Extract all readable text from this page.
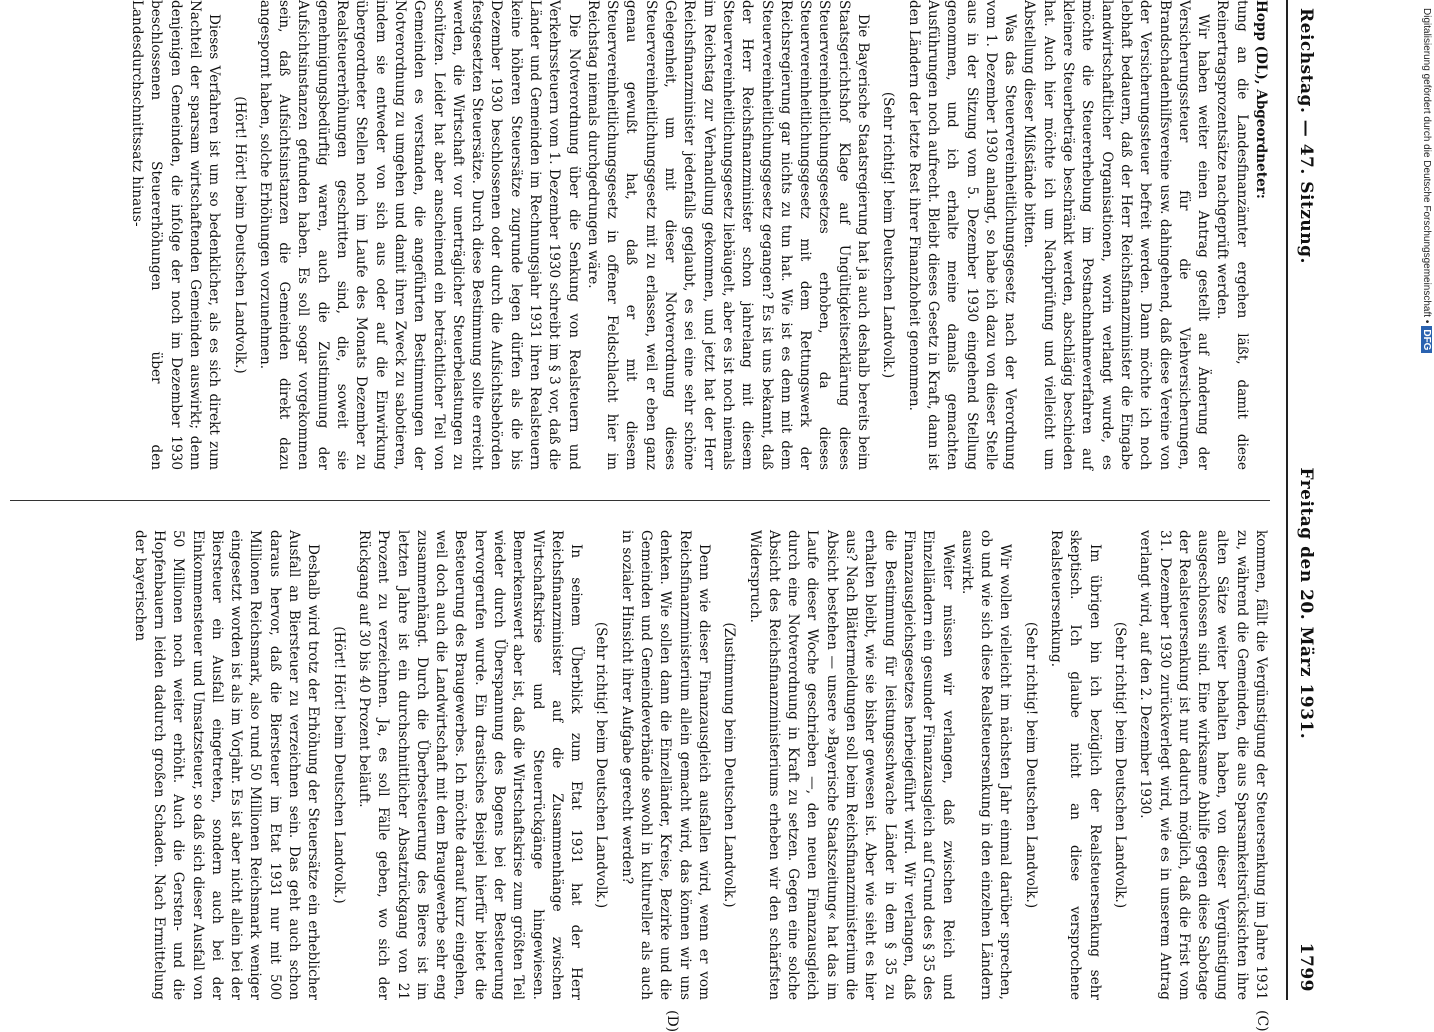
Reichstag. — 47. Sitzung.
Freitag den 20. März 1931.
1799

Hopp (DL), Abgeordneter:

tung an die Landesfinanzämter ergehen läßt, damit diese Reinertragsprozentsätze nachgeprüft werden.

Wir haben weiter einen Antrag gestellt auf Änderung der Versicherungssteuer für die Viehversicherungen, Brandschadenhilfsvereine usw. dahingehend, daß diese Vereine von der Versicherungssteuer befreit werden. Dann möchte ich noch lebhaft bedauern, daß der Herr Reichsfinanzminister die Eingabe landwirtschaftlicher Organisationen, worin verlangt wurde, es möchte die Steuererhebung im Postnachnahmeverfahren auf kleinere Steuerbeträge beschränkt werden, abschlägig beschieden hat. Auch hier möchte ich um Nachprüfung und vielleicht um Abstellung dieser Mißstände bitten.

Was das Steuervereinheitlichungsgesetz nach der Verordnung vom 1. Dezember 1930 anlangt, so habe ich dazu von dieser Stelle aus in der Sitzung vom 5. Dezember 1930 eingehend Stellung genommen, und ich erhalte meine damals gemachten Ausführungen noch aufrecht. Bleibt dieses Gesetz in Kraft, dann ist den Ländern der letzte Rest ihrer Finanzhoheit genommen.

(Sehr richtig! beim Deutschen Landvolk.)

Die Bayerische Staatsregierung hat ja auch deshalb bereits beim Staatsgerichtshof Klage auf Ungültigkeitserklärung dieses Steuervereinheitlichungsgesetzes erhoben, da dieses Steuervereinheitlichungsgesetz mit dem Rettungswerk der Reichsregierung gar nichts zu tun hat. Wie ist es denn mit dem Steuervereinheitlichungsgesetz gegangen? Es ist uns bekannt, daß der Herr Reichsfinanzminister schon jahrelang mit diesem Steuervereinheitlichungsgesetz liebäugelt, aber es ist noch niemals im Reichstag zur Verhandlung gekommen, und jetzt hat der Herr Reichsfinanzminister jedenfalls geglaubt, es sei eine sehr schöne Gelegenheit, um mit dieser Notverordnung dieses Steuervereinheitlichungsgesetz mit zu erlassen, weil er eben ganz genau gewußt hat, daß er mit diesem Steuervereinheitlichungsgesetz in offener Feldschlacht hier im Reichstag niemals durchgedrungen wäre.

Die Notverordnung über die Senkung von Realsteuern und Verkehrssteuern vom 1. Dezember 1930 schreibt im § 3 vor, daß die Länder und Gemeinden im Rechnungsjahr 1931 ihren Realsteuern keine höheren Steuersätze zugrunde legen dürfen als die bis Dezember 1930 beschlossenen oder durch die Aufsichtsbehörden festgesetzten Steuersätze. Durch diese Bestimmung sollte erreicht werden, die Wirtschaft vor unerträglicher Steuerbelastungen zu schützen. Leider hat aber anscheinend ein beträchtlicher Teil von Gemeinden es verstanden, die angeführten Bestimmungen der Notverordnung zu umgehen und damit ihren Zweck zu sabotieren, indem sie entweder von sich aus oder auf die Einwirkung übergeordneter Stellen noch im Laufe des Monats Dezember zu Realsteuererhöhungen geschritten sind, die, soweit sie genehmigungsbedürftig waren, auch die Zustimmung der Aufsichtsinstanzen gefunden haben. Es soll sogar vorgekommen sein, daß Aufsichtsinstanzen die Gemeinden direkt dazu angespornt haben, solche Erhöhungen vorzunehmen.

(Hört! Hört! beim Deutschen Landvolk.)

Dieses Verfahren ist um so bedenklicher, als es sich direkt zum Nachteil der sparsam wirtschaftenden Gemeinden auswirkt; denn denjenigen Gemeinden, die infolge der noch im Dezember 1930 beschlossenen Steuererhöhungen über den Landesdurchschnittssatz hinaus-

kommen, fällt die Vergünstigung der Steuersenkung im Jahre 1931 zu, während die Gemeinden, die aus Sparsamkeitsrücksichten ihre alten Sätze weiter behalten haben, von dieser Vergünstigung ausgeschlossen sind. Eine wirksame Abhilfe gegen diese Sabotage der Realsteuersenkung ist nur dadurch möglich, daß die Frist vom 31. Dezember 1930 zurückverlegt wird, wie es in unserem Antrag verlangt wird, auf den 2. Dezember 1930.

(Sehr richtig! beim Deutschen Landvolk.)

Im übrigen bin ich bezüglich der Realsteuersenkung sehr skeptisch. Ich glaube nicht an diese versprochene Realsteuersenkung.

(Sehr richtig! beim Deutschen Landvolk.)

Wir wollen vielleicht im nächsten Jahr einmal darüber sprechen, ob und wie sich diese Realsteuersenkung in den einzelnen Ländern auswirkt.

Weiter müssen wir verlangen, daß zwischen Reich und Einzelländern ein gesunder Finanzausgleich auf Grund des § 35 des Finanzausgleichsgesetzes herbeigeführt wird. Wir verlangen, daß die Bestimmung für leistungsschwache Länder in dem § 35 zu erhalten bleibt, wie sie bisher gewesen ist. Aber wie sieht es hier aus? Nach Blättermeldungen soll beim Reichsfinanzministerium die Absicht bestehen — unsere »Bayerische Staatszeitung« hat das im Laufe dieser Woche geschrieben —, den neuen Finanzausgleich durch eine Notverordnung in Kraft zu setzen. Gegen eine solche Absicht des Reichsfinanzministeriums erheben wir den schärfsten Widerspruch.

(Zustimmung beim Deutschen Landvolk.)

Denn wie dieser Finanzausgleich ausfallen wird, wenn er vom Reichsfinanzministerium allein gemacht wird, das können wir uns denken. Wie sollen dann die Einzelländer, Kreise, Bezirke und die Gemeinden und Gemeindeverbände sowohl in kultureller als auch in sozialer Hinsicht ihrer Aufgabe gerecht werden?

(Sehr richtig! beim Deutschen Landvolk.)

In seinem Überblick zum Etat 1931 hat der Herr Reichsfinanzminister auf die Zusammenhänge zwischen Wirtschaftskrise und Steuerrückgänge hingewiesen. Bemerkenswert aber ist, daß die Wirtschaftskrise zum größten Teil wieder durch Überspannung des Bogens bei der Besteuerung hervorgerufen wurde. Ein drastisches Beispiel hierfür bietet die Besteuerung des Braugewerbes. Ich möchte darauf kurz eingehen, weil doch auch die Landwirtschaft mit dem Braugewerbe sehr eng zusammenhängt. Durch die Überbesteuerung des Bieres ist im letzten Jahre ist ein durchschnittlicher Absatzrückgang von 21 Prozent zu verzeichnen. Ja, es soll Fälle geben, wo sich der Rückgang auf 30 bis 40 Prozent beläuft.

(Hört! Hört! beim Deutschen Landvolk.)

Deshalb wird trotz der Erhöhung der Steuersätze ein erheblicher Ausfall an Biersteuer zu verzeichnen sein. Das geht auch schon daraus hervor, daß die Biersteuer im Etat 1931 nur mit 500 Millionen Reichsmark, also rund 50 Millionen Reichsmark weniger eingesetzt worden ist als im Vorjahr. Es ist aber nicht allein bei der Biersteuer ein Ausfall eingetreten, sondern auch bei der Einkommensteuer und Umsatzsteuer, so daß sich dieser Ausfall von 50 Millionen noch weiter erhöht. Auch die Gersten- und die Hopfenbauern leiden dadurch großen Schaden. Nach Ermittelung der bayerischen

(C)
(D)
Digitalisierung gefördert durch die Deutsche Forschungsgemeinschaft •DFG
